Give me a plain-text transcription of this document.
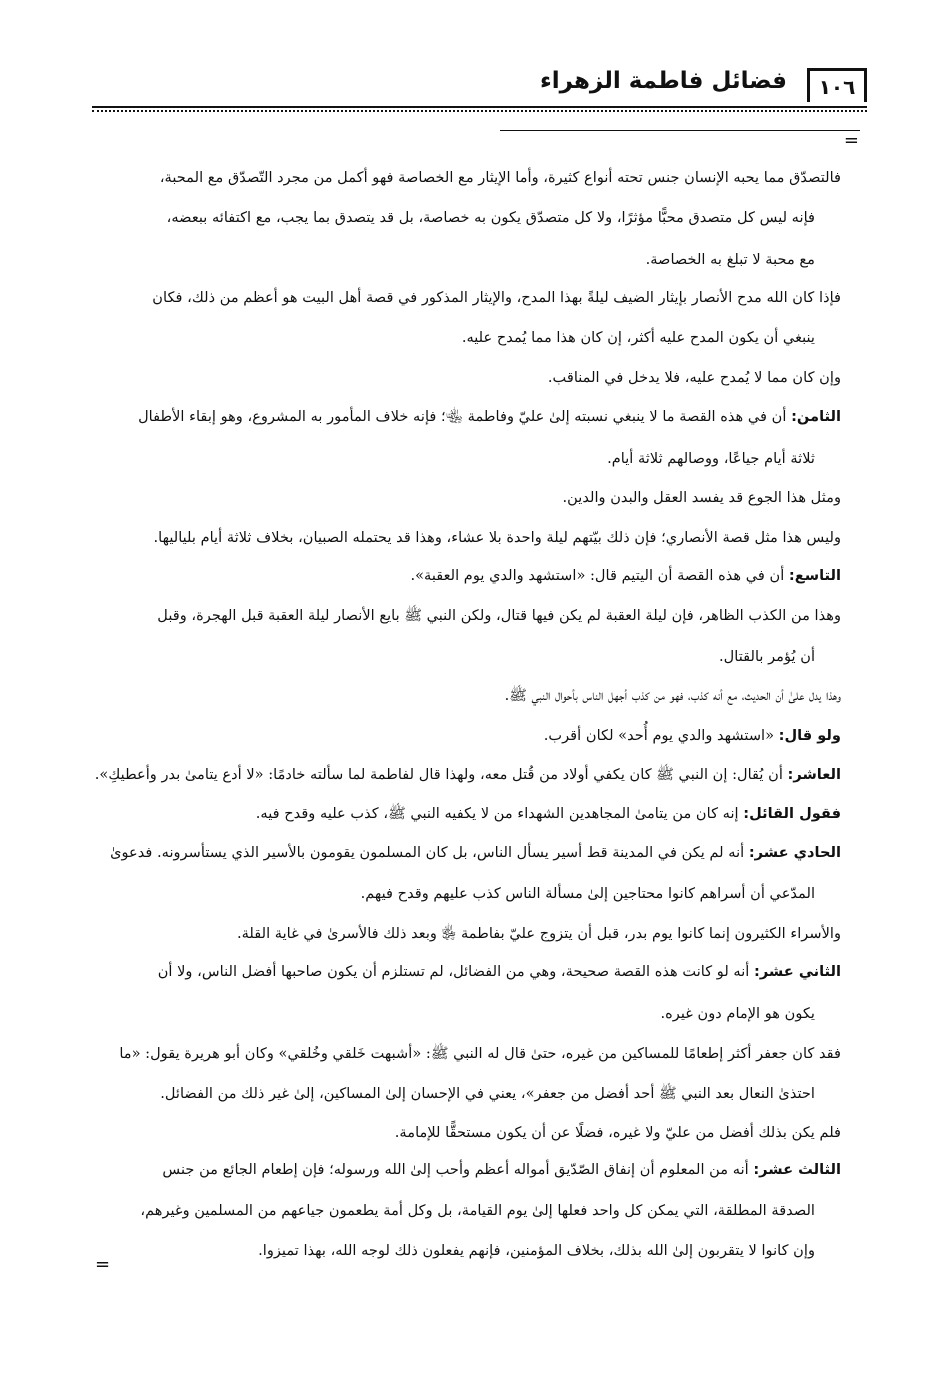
فضائل فاطمة الزهراء	١٠٦
=
فالتصدّق مما يحبه الإنسان جنس تحته أنواع كثيرة، وأما الإيثار مع الخصاصة فهو أكمل من مجرد التّصدّق مع المحبة،
فإنه ليس كل متصدق محبًّا مؤثرًا، ولا كل متصدّق يكون به خصاصة، بل قد يتصدق بما يجب، مع اكتفائه ببعضه،
مع محبة لا تبلغ به الخصاصة.
فإذا كان الله مدح الأنصار بإيثار الضيف ليلةً بهذا المدح، والإيثار المذكور في قصة أهل البيت هو أعظم من ذلك، فكان
ينبغي أن يكون المدح عليه أكثر، إن كان هذا مما يُمدح عليه.
وإن كان مما لا يُمدح عليه، فلا يدخل في المناقب.
الثامن: أن في هذه القصة ما لا ينبغي نسبته إلىٰ عليّ وفاطمة ﵄؛ فإنه خلاف المأمور به المشروع، وهو إبقاء الأطفال
ثلاثة أيام جياعًا، ووصالهم ثلاثة أيام.
ومثل هذا الجوع قد يفسد العقل والبدن والدين.
وليس هذا مثل قصة الأنصاري؛ فإن ذلك بيّتهم ليلة واحدة بلا عشاء، وهذا قد يحتمله الصبيان، بخلاف ثلاثة أيام بلياليها.
التاسع: أن في هذه القصة أن اليتيم قال: «استشهد والدي يوم العقبة».
وهذا من الكذب الظاهر، فإن ليلة العقبة لم يكن فيها قتال، ولكن النبي ﷺ بايع الأنصار ليلة العقبة قبل الهجرة، وقبل
أن يُؤمر بالقتال.
وهذا يدل علىٰ أن الحديث، مع أنه كذب، فهو من كذب أجهل الناس بأحوال النبي ﷺ.
ولو قال: «استشهد والدي يوم أُحد» لكان أقرب.
العاشر: أن يُقال: إن النبي ﷺ كان يكفي أولاد من قُتل معه، ولهذا قال لفاطمة لما سألته خادمًا: «لا أدع يتامىٰ بدر وأعطيكِ».
فقول القائل: إنه كان من يتامىٰ المجاهدين الشهداء من لا يكفيه النبي ﷺ، كذب عليه وقدح فيه.
الحادي عشر: أنه لم يكن في المدينة قط أسير يسأل الناس، بل كان المسلمون يقومون بالأسير الذي يستأسرونه. فدعوىٰ
المدّعي أن أسراهم كانوا محتاجين إلىٰ مسألة الناس كذب عليهم وقدح فيهم.
والأسراء الكثيرون إنما كانوا يوم بدر، قبل أن يتزوج عليّ بفاطمة ﵂ وبعد ذلك فالأسرىٰ في غاية القلة.
الثاني عشر: أنه لو كانت هذه القصة صحيحة، وهي من الفضائل، لم تستلزم أن يكون صاحبها أفضل الناس، ولا أن
يكون هو الإمام دون غيره.
فقد كان جعفر أكثر إطعامًا للمساكين من غيره، حتىٰ قال له النبي ﷺ: «أشبهت خَلقي وخُلقي» وكان أبو هريرة يقول: «ما
احتذىٰ النعال بعد النبي ﷺ أحد أفضل من جعفر»، يعني في الإحسان إلىٰ المساكين، إلىٰ غير ذلك من الفضائل.
فلم يكن بذلك أفضل من عليّ ولا غيره، فضلًا عن أن يكون مستحقًّا للإمامة.
الثالث عشر: أنه من المعلوم أن إنفاق الصّدّيق أمواله أعظم وأحب إلىٰ الله ورسوله؛ فإن إطعام الجائع من جنس
الصدقة المطلقة، التي يمكن كل واحد فعلها إلىٰ يوم القيامة، بل وكل أمة يطعمون جياعهم من المسلمين وغيرهم،
وإن كانوا لا يتقربون إلىٰ الله بذلك، بخلاف المؤمنين، فإنهم يفعلون ذلك لوجه الله، بهذا تميزوا.
=
